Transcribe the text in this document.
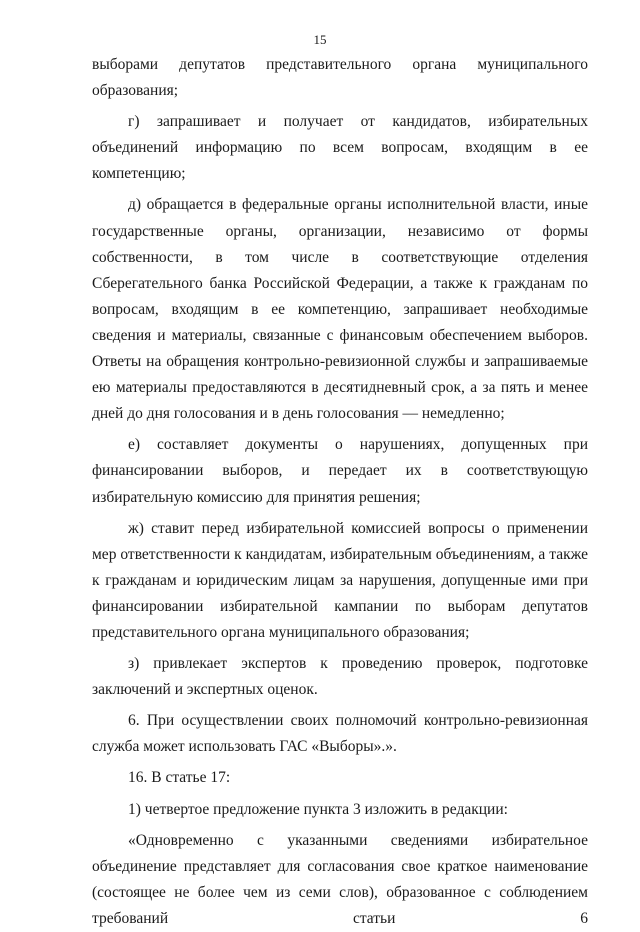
15

выборами депутатов представительного органа муниципального образования;

г) запрашивает и получает от кандидатов, избирательных объединений информацию по всем вопросам, входящим в ее компетенцию;

д) обращается в федеральные органы исполнительной власти, иные государственные органы, организации, независимо от формы собственности, в том числе в соответствующие отделения Сберегательного банка Российской Федерации, а также к гражданам по вопросам, входящим в ее компетенцию, запрашивает необходимые сведения и материалы, связанные с финансовым обеспечением выборов. Ответы на обращения контрольно-ревизионной службы и запрашиваемые ею материалы предоставляются в десятидневный срок, а за пять и менее дней до дня голосования и в день голосования — немедленно;

е) составляет документы о нарушениях, допущенных при финансировании выборов, и передает их в соответствующую избирательную комиссию для принятия решения;

ж) ставит перед избирательной комиссией вопросы о применении мер ответственности к кандидатам, избирательным объединениям, а также к гражданам и юридическим лицам за нарушения, допущенные ими при финансировании избирательной кампании по выборам депутатов представительного органа муниципального образования;

з) привлекает экспертов к проведению проверок, подготовке заключений и экспертных оценок.

6. При осуществлении своих полномочий контрольно-ревизионная служба может использовать ГАС «Выборы».».

16. В статье 17:

1) четвертое предложение пункта 3 изложить в редакции:

«Одновременно с указанными сведениями избирательное объединение представляет для согласования свое краткое наименование (состоящее не более чем из семи слов), образованное с соблюдением требований статьи 6
